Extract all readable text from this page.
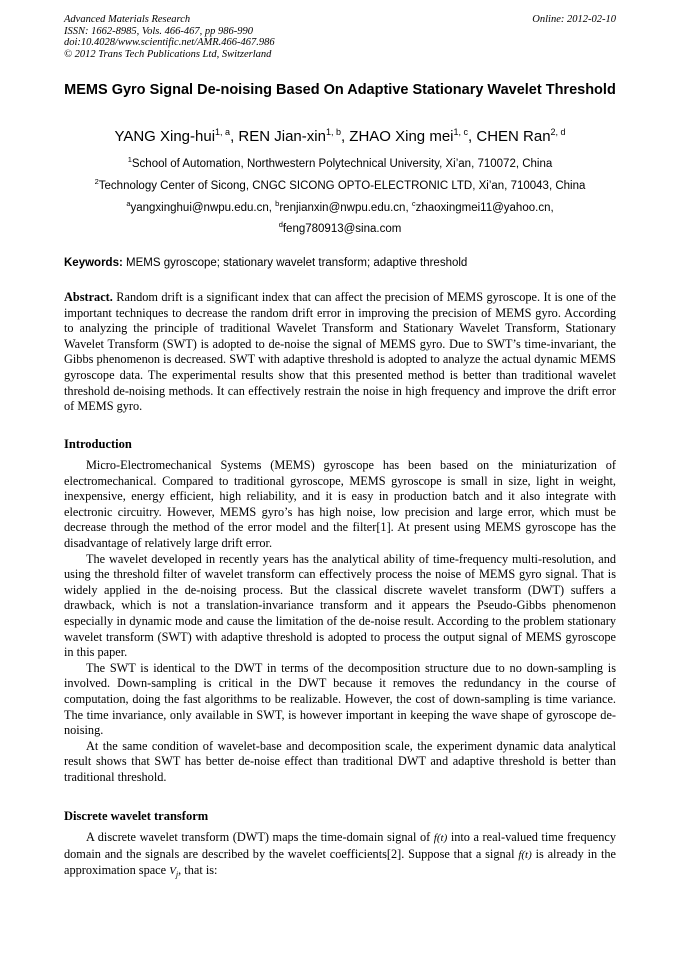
Advanced Materials Research
ISSN: 1662-8985, Vols. 466-467, pp 986-990
doi:10.4028/www.scientific.net/AMR.466-467.986
© 2012 Trans Tech Publications Ltd, Switzerland
Online: 2012-02-10
MEMS Gyro Signal De-noising Based On Adaptive Stationary Wavelet Threshold
YANG Xing-hui$^{1, a}$, REN Jian-xin$^{1, b}$, ZHAO Xing mei$^{1, c}$, CHEN Ran$^{2, d}$
$^1$School of Automation, Northwestern Polytechnical University, Xi’an, 710072, China
$^2$Technology Center of Sicong, CNGC SICONG OPTO-ELECTRONIC LTD, Xi’an, 710043, China
$^a$yangxinghui@nwpu.edu.cn, $^b$renjianxin@nwpu.edu.cn, $^c$zhaoxingmei11@yahoo.cn,
$^d$feng780913@sina.com
Keywords: MEMS gyroscope; stationary wavelet transform; adaptive threshold

Abstract. Random drift is a significant index that can affect the precision of MEMS gyroscope. It is one of the important techniques to decrease the random drift error in improving the precision of MEMS gyro. According to analyzing the principle of traditional Wavelet Transform and Stationary Wavelet Transform, Stationary Wavelet Transform (SWT) is adopted to de-noise the signal of MEMS gyro. Due to SWT’s time-invariant, the Gibbs phenomenon is decreased. SWT with adaptive threshold is adopted to analyze the actual dynamic MEMS gyroscope data. The experimental results show that this presented method is better than traditional wavelet threshold de-noising methods. It can effectively restrain the noise in high frequency and improve the drift error of MEMS gyro.

Introduction

Micro-Electromechanical Systems (MEMS) gyroscope has been based on the miniaturization of electromechanical. Compared to traditional gyroscope, MEMS gyroscope is small in size, light in weight, inexpensive, energy efficient, high reliability, and it is easy in production batch and it also integrate with electronic circuitry. However, MEMS gyro’s has high noise, low precision and large error, which must be decrease through the method of the error model and the filter[1]. At present using MEMS gyroscope has the disadvantage of relatively large drift error.

The wavelet developed in recently years has the analytical ability of time-frequency multi-resolution, and using the threshold filter of wavelet transform can effectively process the noise of MEMS gyro signal. That is widely applied in the de-noising process. But the classical discrete wavelet transform (DWT) suffers a drawback, which is not a translation-invariance transform and it appears the Pseudo-Gibbs phenomenon especially in dynamic mode and cause the limitation of the de-noise result. According to the problem stationary wavelet transform (SWT) with adaptive threshold is adopted to process the output signal of MEMS gyroscope in this paper.

The SWT is identical to the DWT in terms of the decomposition structure due to no down-sampling is involved. Down-sampling is critical in the DWT because it removes the redundancy in the course of computation, doing the fast algorithms to be realizable. However, the cost of down-sampling is time variance. The time invariance, only available in SWT, is however important in keeping the wave shape of gyroscope de-noising.

At the same condition of wavelet-base and decomposition scale, the experiment dynamic data analytical result shows that SWT has better de-noise effect than traditional DWT and adaptive threshold is better than traditional threshold.

Discrete wavelet transform

A discrete wavelet transform (DWT) maps the time-domain signal of f(t) into a real-valued time frequency domain and the signals are described by the wavelet coefficients[2]. Suppose that a signal f(t) is already in the approximation space $V_j$, that is:
